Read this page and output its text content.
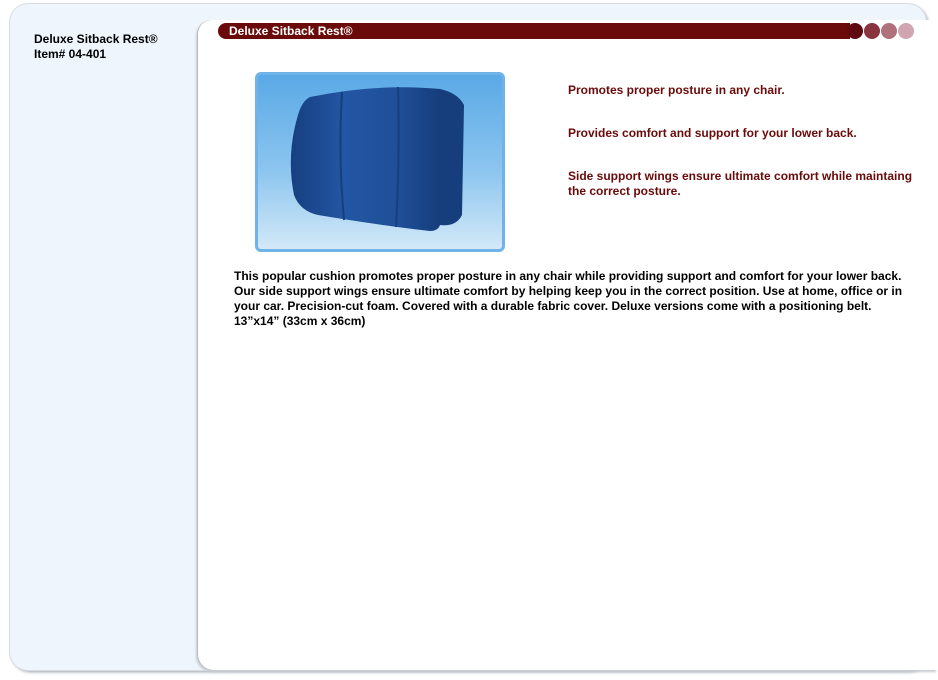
Deluxe Sitback Rest®
Item# 04-401
Deluxe Sitback Rest®

Promotes proper posture in any chair.

Provides comfort and support for your lower back.

Side support wings ensure ultimate comfort while maintaing the correct posture.

This popular cushion promotes proper posture in any chair while providing support and comfort for your lower back. Our side support wings ensure ultimate comfort by helping keep you in the correct position. Use at home, office or in your car. Precision-cut foam. Covered with a durable fabric cover. Deluxe versions come with a positioning belt. 13”x14” (33cm x 36cm)
